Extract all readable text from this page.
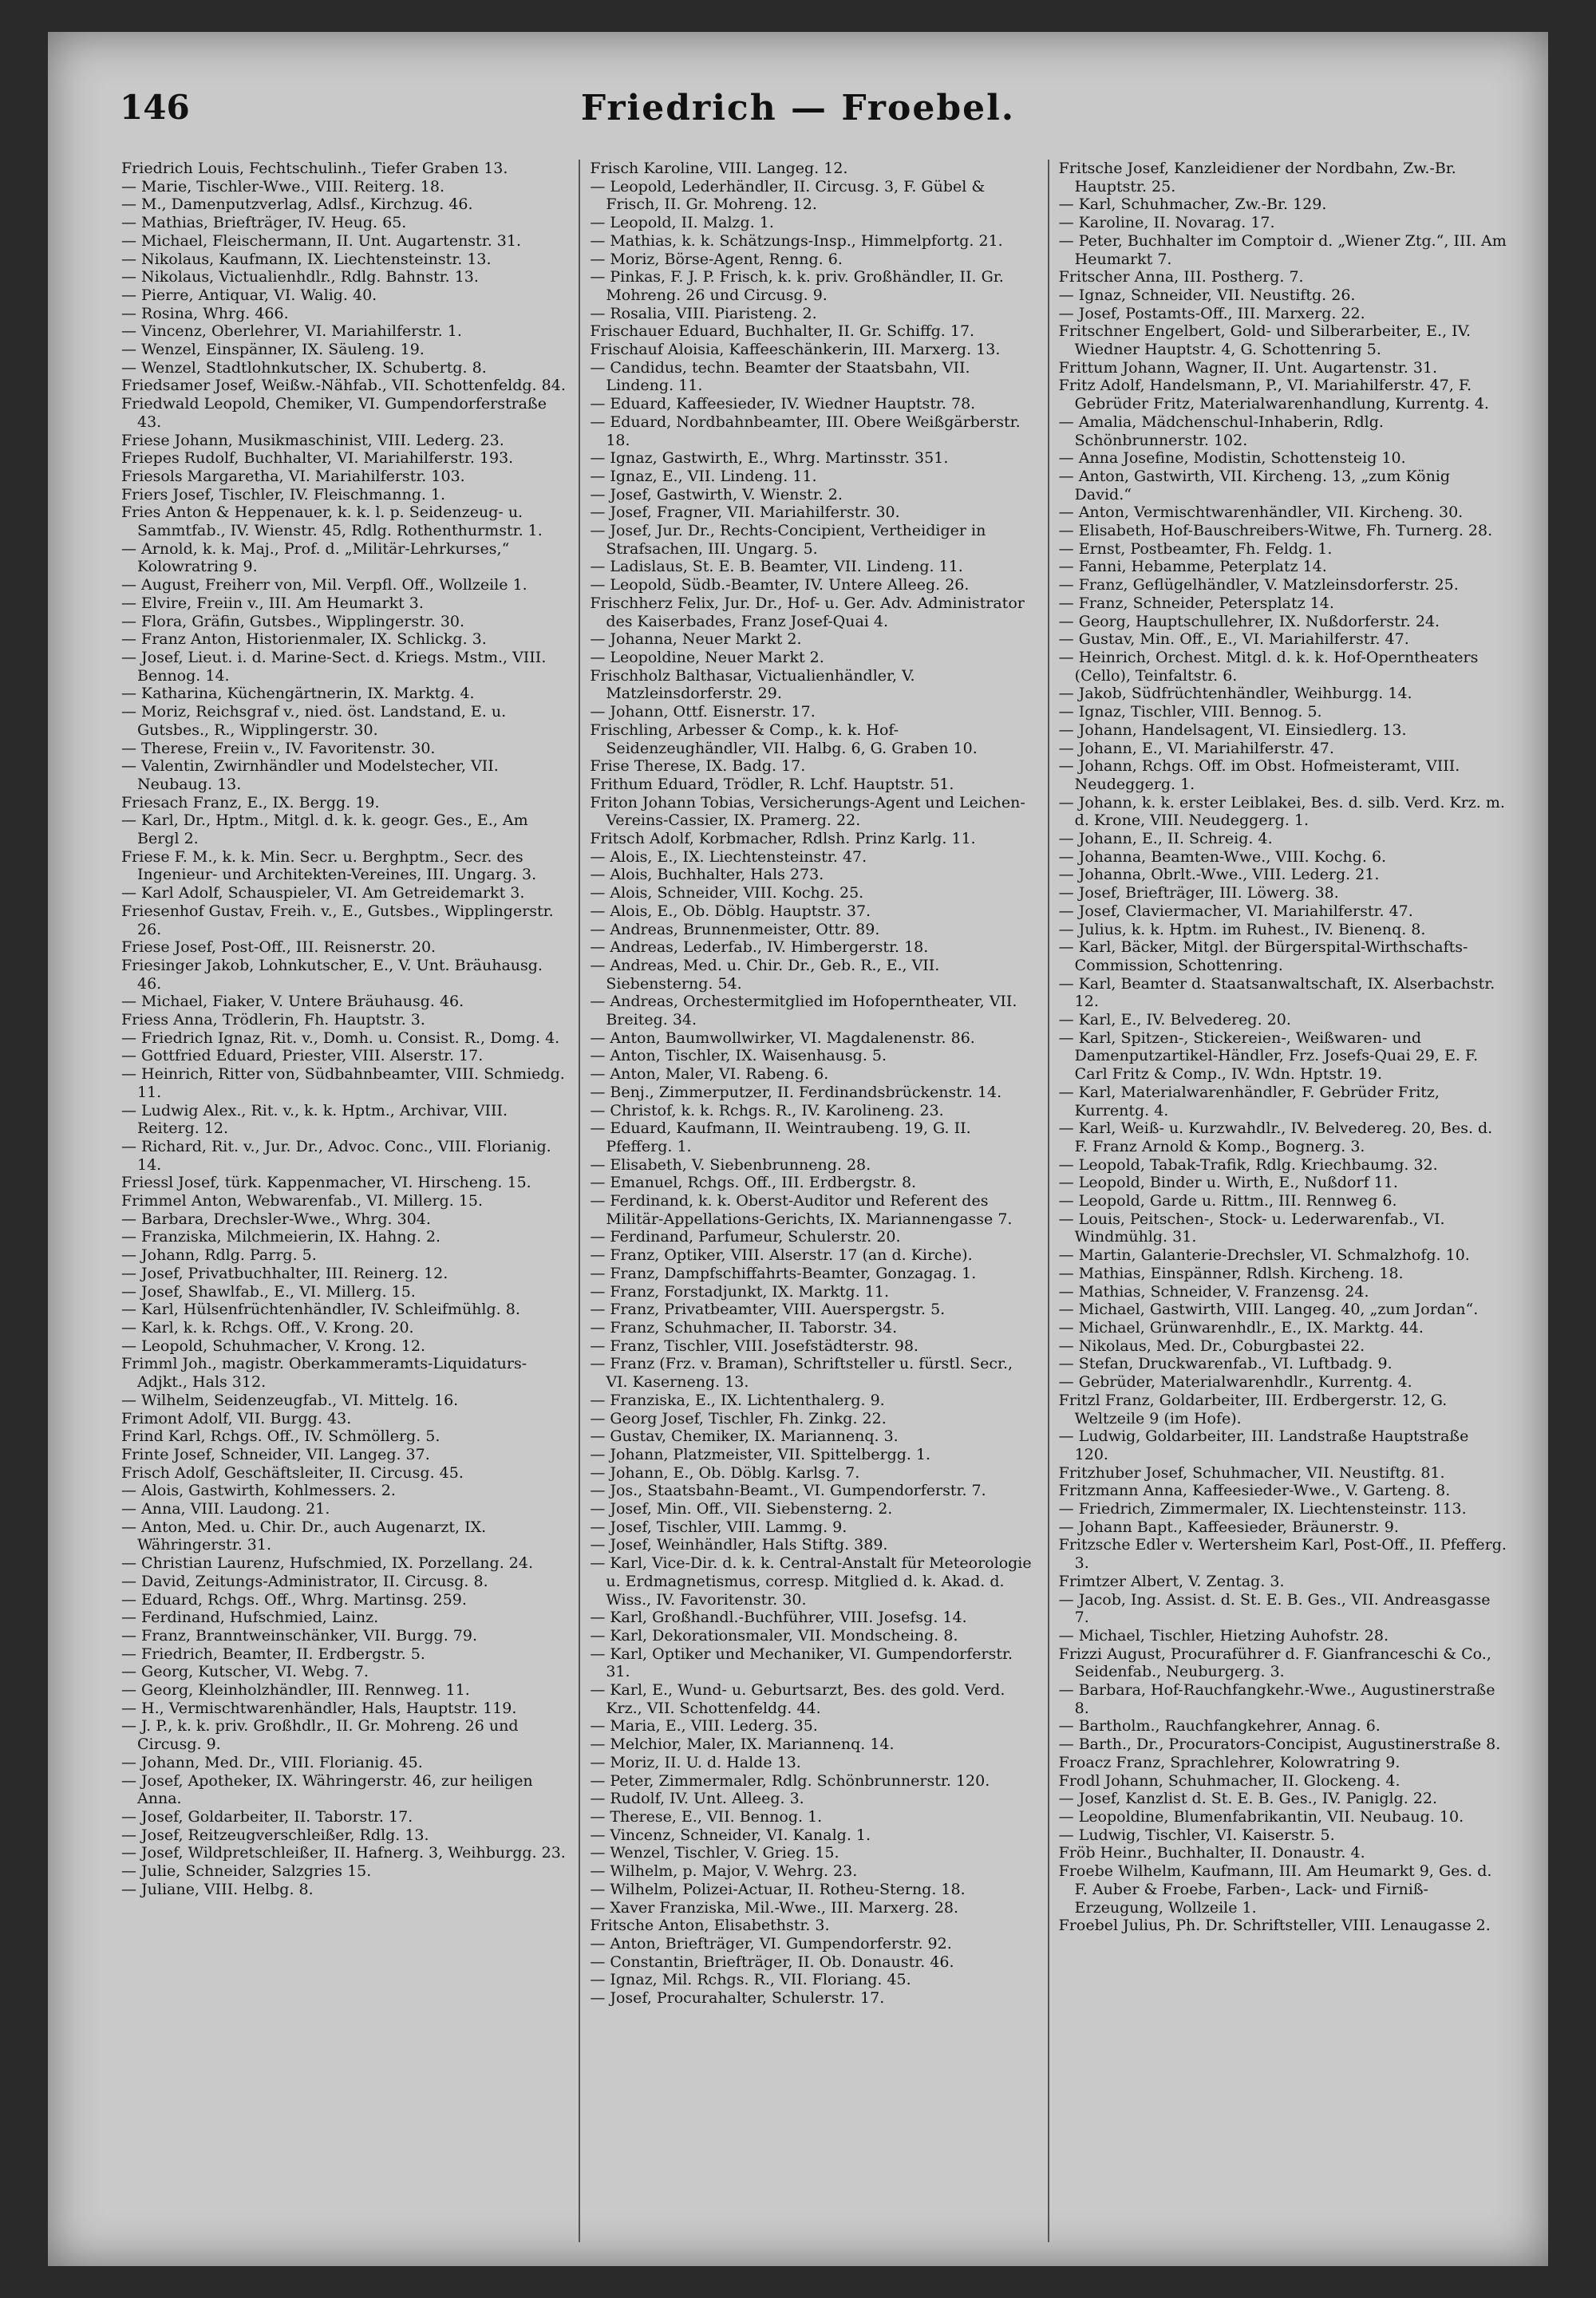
146	Friedrich — Froebel.

Friedrich Louis, Fechtschulinh., Tiefer Graben 13.

— Marie, Tischler-Wwe., VIII. Reiterg. 18.

— M., Damenputzverlag, Adlsf., Kirchzug. 46.

— Mathias, Briefträger, IV. Heug. 65.

— Michael, Fleischermann, II. Unt. Augartenstr. 31.

— Nikolaus, Kaufmann, IX. Liechtensteinstr. 13.

— Nikolaus, Victualienhdlr., Rdlg. Bahnstr. 13.

— Pierre, Antiquar, VI. Walig. 40.

— Rosina, Whrg. 466.

— Vincenz, Oberlehrer, VI. Mariahilferstr. 1.

— Wenzel, Einspänner, IX. Säuleng. 19.

— Wenzel, Stadtlohnkutscher, IX. Schubertg. 8.

Friedsamer Josef, Weißw.-Nähfab., VII. Schottenfeldg. 84.

Friedwald Leopold, Chemiker, VI. Gumpendorferstraße 43.

Friese Johann, Musikmaschinist, VIII. Lederg. 23.

Friepes Rudolf, Buchhalter, VI. Mariahilferstr. 193.

Friesols Margaretha, VI. Mariahilferstr. 103.

Friers Josef, Tischler, IV. Fleischmanng. 1.

Fries Anton & Heppenauer, k. k. l. p. Seidenzeug- u. Sammtfab., IV. Wienstr. 45, Rdlg. Rothenthurmstr. 1.

— Arnold, k. k. Maj., Prof. d. „Militär-Lehrkurses,“ Kolowratring 9.

— August, Freiherr von, Mil. Verpfl. Off., Wollzeile 1.

— Elvire, Freiin v., III. Am Heumarkt 3.

— Flora, Gräfin, Gutsbes., Wipplingerstr. 30.

— Franz Anton, Historienmaler, IX. Schlickg. 3.

— Josef, Lieut. i. d. Marine-Sect. d. Kriegs. Mstm., VIII. Bennog. 14.

— Katharina, Küchengärtnerin, IX. Marktg. 4.

— Moriz, Reichsgraf v., nied. öst. Landstand, E. u. Gutsbes., R., Wipplingerstr. 30.

— Therese, Freiin v., IV. Favoritenstr. 30.

— Valentin, Zwirnhändler und Modelstecher, VII. Neubaug. 13.

Friesach Franz, E., IX. Bergg. 19.

— Karl, Dr., Hptm., Mitgl. d. k. k. geogr. Ges., E., Am Bergl 2.

Friese F. M., k. k. Min. Secr. u. Berghptm., Secr. des Ingenieur- und Architekten-Vereines, III. Ungarg. 3.

— Karl Adolf, Schauspieler, VI. Am Getreidemarkt 3.

Friesenhof Gustav, Freih. v., E., Gutsbes., Wipplingerstr. 26.

Friese Josef, Post-Off., III. Reisnerstr. 20.

Friesinger Jakob, Lohnkutscher, E., V. Unt. Bräuhausg. 46.

— Michael, Fiaker, V. Untere Bräuhausg. 46.

Friess Anna, Trödlerin, Fh. Hauptstr. 3.

— Friedrich Ignaz, Rit. v., Domh. u. Consist. R., Domg. 4.

— Gottfried Eduard, Priester, VIII. Alserstr. 17.

— Heinrich, Ritter von, Südbahnbeamter, VIII. Schmiedg. 11.

— Ludwig Alex., Rit. v., k. k. Hptm., Archivar, VIII. Reiterg. 12.

— Richard, Rit. v., Jur. Dr., Advoc. Conc., VIII. Florianig. 14.

Friessl Josef, türk. Kappenmacher, VI. Hirscheng. 15.

Frimmel Anton, Webwarenfab., VI. Millerg. 15.

— Barbara, Drechsler-Wwe., Whrg. 304.

— Franziska, Milchmeierin, IX. Hahng. 2.

— Johann, Rdlg. Parrg. 5.

— Josef, Privatbuchhalter, III. Reinerg. 12.

— Josef, Shawlfab., E., VI. Millerg. 15.

— Karl, Hülsenfrüchtenhändler, IV. Schleifmühlg. 8.

— Karl, k. k. Rchgs. Off., V. Krong. 20.

— Leopold, Schuhmacher, V. Krong. 12.

Frimml Joh., magistr. Oberkammeramts-Liquidaturs-Adjkt., Hals 312.

— Wilhelm, Seidenzeugfab., VI. Mittelg. 16.

Frimont Adolf, VII. Burgg. 43.

Frind Karl, Rchgs. Off., IV. Schmöllerg. 5.

Frinte Josef, Schneider, VII. Langeg. 37.

Frisch Adolf, Geschäftsleiter, II. Circusg. 45.

— Alois, Gastwirth, Kohlmessers. 2.

— Anna, VIII. Laudong. 21.

— Anton, Med. u. Chir. Dr., auch Augenarzt, IX. Währingerstr. 31.

— Christian Laurenz, Hufschmied, IX. Porzellang. 24.

— David, Zeitungs-Administrator, II. Circusg. 8.

— Eduard, Rchgs. Off., Whrg. Martinsg. 259.

— Ferdinand, Hufschmied, Lainz.

— Franz, Branntweinschänker, VII. Burgg. 79.

— Friedrich, Beamter, II. Erdbergstr. 5.

— Georg, Kutscher, VI. Webg. 7.

— Georg, Kleinholzhändler, III. Rennweg. 11.

— H., Vermischtwarenhändler, Hals, Hauptstr. 119.

— J. P., k. k. priv. Großhdlr., II. Gr. Mohreng. 26 und Circusg. 9.

— Johann, Med. Dr., VIII. Florianig. 45.

— Josef, Apotheker, IX. Währingerstr. 46, zur heiligen Anna.

— Josef, Goldarbeiter, II. Taborstr. 17.

— Josef, Reitzeugverschleißer, Rdlg. 13.

— Josef, Wildpretschleißer, II. Hafnerg. 3, Weihburgg. 23.

— Julie, Schneider, Salzgries 15.

— Juliane, VIII. Helbg. 8.

Frisch Karoline, VIII. Langeg. 12.

— Leopold, Lederhändler, II. Circusg. 3, F. Gübel & Frisch, II. Gr. Mohreng. 12.

— Leopold, II. Malzg. 1.

— Mathias, k. k. Schätzungs-Insp., Himmelpfortg. 21.

— Moriz, Börse-Agent, Renng. 6.

— Pinkas, F. J. P. Frisch, k. k. priv. Großhändler, II. Gr. Mohreng. 26 und Circusg. 9.

— Rosalia, VIII. Piaristeng. 2.

Frischauer Eduard, Buchhalter, II. Gr. Schiffg. 17.

Frischauf Aloisia, Kaffeeschänkerin, III. Marxerg. 13.

— Candidus, techn. Beamter der Staatsbahn, VII. Lindeng. 11.

— Eduard, Kaffeesieder, IV. Wiedner Hauptstr. 78.

— Eduard, Nordbahnbeamter, III. Obere Weißgärberstr. 18.

— Ignaz, Gastwirth, E., Whrg. Martinsstr. 351.

— Ignaz, E., VII. Lindeng. 11.

— Josef, Gastwirth, V. Wienstr. 2.

— Josef, Fragner, VII. Mariahilferstr. 30.

— Josef, Jur. Dr., Rechts-Concipient, Vertheidiger in Strafsachen, III. Ungarg. 5.

— Ladislaus, St. E. B. Beamter, VII. Lindeng. 11.

— Leopold, Südb.-Beamter, IV. Untere Alleeg. 26.

Frischherz Felix, Jur. Dr., Hof- u. Ger. Adv. Administrator des Kaiserbades, Franz Josef-Quai 4.

— Johanna, Neuer Markt 2.

— Leopoldine, Neuer Markt 2.

Frischholz Balthasar, Victualienhändler, V. Matzleinsdorferstr. 29.

— Johann, Ottf. Eisnerstr. 17.

Frischling, Arbesser & Comp., k. k. Hof-Seidenzeughändler, VII. Halbg. 6, G. Graben 10.

Frise Therese, IX. Badg. 17.

Frithum Eduard, Trödler, R. Lchf. Hauptstr. 51.

Friton Johann Tobias, Versicherungs-Agent und Leichen-Vereins-Cassier, IX. Pramerg. 22.

Fritsch Adolf, Korbmacher, Rdlsh. Prinz Karlg. 11.

— Alois, E., IX. Liechtensteinstr. 47.

— Alois, Buchhalter, Hals 273.

— Alois, Schneider, VIII. Kochg. 25.

— Alois, E., Ob. Döblg. Hauptstr. 37.

— Andreas, Brunnenmeister, Ottr. 89.

— Andreas, Lederfab., IV. Himbergerstr. 18.

— Andreas, Med. u. Chir. Dr., Geb. R., E., VII. Siebensterng. 54.

— Andreas, Orchestermitglied im Hofoperntheater, VII. Breiteg. 34.

— Anton, Baumwollwirker, VI. Magdalenenstr. 86.

— Anton, Tischler, IX. Waisenhausg. 5.

— Anton, Maler, VI. Rabeng. 6.

— Benj., Zimmerputzer, II. Ferdinandsbrückenstr. 14.

— Christof, k. k. Rchgs. R., IV. Karolineng. 23.

— Eduard, Kaufmann, II. Weintraubeng. 19, G. II. Pfefferg. 1.

— Elisabeth, V. Siebenbrunneng. 28.

— Emanuel, Rchgs. Off., III. Erdbergstr. 8.

— Ferdinand, k. k. Oberst-Auditor und Referent des Militär-Appellations-Gerichts, IX. Mariannengasse 7.

— Ferdinand, Parfumeur, Schulerstr. 20.

— Franz, Optiker, VIII. Alserstr. 17 (an d. Kirche).

— Franz, Dampfschiffahrts-Beamter, Gonzagag. 1.

— Franz, Forstadjunkt, IX. Marktg. 11.

— Franz, Privatbeamter, VIII. Auerspergstr. 5.

— Franz, Schuhmacher, II. Taborstr. 34.

— Franz, Tischler, VIII. Josefstädterstr. 98.

— Franz (Frz. v. Braman), Schriftsteller u. fürstl. Secr., VI. Kaserneng. 13.

— Franziska, E., IX. Lichtenthalerg. 9.

— Georg Josef, Tischler, Fh. Zinkg. 22.

— Gustav, Chemiker, IX. Mariannenq. 3.

— Johann, Platzmeister, VII. Spittelbergg. 1.

— Johann, E., Ob. Döblg. Karlsg. 7.

— Jos., Staatsbahn-Beamt., VI. Gumpendorferstr. 7.

— Josef, Min. Off., VII. Siebensterng. 2.

— Josef, Tischler, VIII. Lammg. 9.

— Josef, Weinhändler, Hals Stiftg. 389.

— Karl, Vice-Dir. d. k. k. Central-Anstalt für Meteorologie u. Erdmagnetismus, corresp. Mitglied d. k. Akad. d. Wiss., IV. Favoritenstr. 30.

— Karl, Großhandl.-Buchführer, VIII. Josefsg. 14.

— Karl, Dekorationsmaler, VII. Mondscheing. 8.

— Karl, Optiker und Mechaniker, VI. Gumpendorferstr. 31.

— Karl, E., Wund- u. Geburtsarzt, Bes. des gold. Verd. Krz., VII. Schottenfeldg. 44.

— Maria, E., VIII. Lederg. 35.

— Melchior, Maler, IX. Mariannenq. 14.

— Moriz, II. U. d. Halde 13.

— Peter, Zimmermaler, Rdlg. Schönbrunnerstr. 120.

— Rudolf, IV. Unt. Alleeg. 3.

— Therese, E., VII. Bennog. 1.

— Vincenz, Schneider, VI. Kanalg. 1.

— Wenzel, Tischler, V. Grieg. 15.

— Wilhelm, p. Major, V. Wehrg. 23.

— Wilhelm, Polizei-Actuar, II. Rotheu-Sterng. 18.

— Xaver Franziska, Mil.-Wwe., III. Marxerg. 28.

Fritsche Anton, Elisabethstr. 3.

— Anton, Briefträger, VI. Gumpendorferstr. 92.

— Constantin, Briefträger, II. Ob. Donaustr. 46.

— Ignaz, Mil. Rchgs. R., VII. Floriang. 45.

— Josef, Procurahalter, Schulerstr. 17.

Fritsche Josef, Kanzleidiener der Nordbahn, Zw.-Br. Hauptstr. 25.

— Karl, Schuhmacher, Zw.-Br. 129.

— Karoline, II. Novarag. 17.

— Peter, Buchhalter im Comptoir d. „Wiener Ztg.“, III. Am Heumarkt 7.

Fritscher Anna, III. Postherg. 7.

— Ignaz, Schneider, VII. Neustiftg. 26.

— Josef, Postamts-Off., III. Marxerg. 22.

Fritschner Engelbert, Gold- und Silberarbeiter, E., IV. Wiedner Hauptstr. 4, G. Schottenring 5.

Frittum Johann, Wagner, II. Unt. Augartenstr. 31.

Fritz Adolf, Handelsmann, P., VI. Mariahilferstr. 47, F. Gebrüder Fritz, Materialwarenhandlung, Kurrentg. 4.

— Amalia, Mädchenschul-Inhaberin, Rdlg. Schönbrunnerstr. 102.

— Anna Josefine, Modistin, Schottensteig 10.

— Anton, Gastwirth, VII. Kircheng. 13, „zum König David.“

— Anton, Vermischtwarenhändler, VII. Kircheng. 30.

— Elisabeth, Hof-Bauschreibers-Witwe, Fh. Turnerg. 28.

— Ernst, Postbeamter, Fh. Feldg. 1.

— Fanni, Hebamme, Peterplatz 14.

— Franz, Geflügelhändler, V. Matzleinsdorferstr. 25.

— Franz, Schneider, Petersplatz 14.

— Georg, Hauptschullehrer, IX. Nußdorferstr. 24.

— Gustav, Min. Off., E., VI. Mariahilferstr. 47.

— Heinrich, Orchest. Mitgl. d. k. k. Hof-Operntheaters (Cello), Teinfaltstr. 6.

— Jakob, Südfrüchtenhändler, Weihburgg. 14.

— Ignaz, Tischler, VIII. Bennog. 5.

— Johann, Handelsagent, VI. Einsiedlerg. 13.

— Johann, E., VI. Mariahilferstr. 47.

— Johann, Rchgs. Off. im Obst. Hofmeisteramt, VIII. Neudeggerg. 1.

— Johann, k. k. erster Leiblakei, Bes. d. silb. Verd. Krz. m. d. Krone, VIII. Neudeggerg. 1.

— Johann, E., II. Schreig. 4.

— Johanna, Beamten-Wwe., VIII. Kochg. 6.

— Johanna, Obrlt.-Wwe., VIII. Lederg. 21.

— Josef, Briefträger, III. Löwerg. 38.

— Josef, Claviermacher, VI. Mariahilferstr. 47.

— Julius, k. k. Hptm. im Ruhest., IV. Bienenq. 8.

— Karl, Bäcker, Mitgl. der Bürgerspital-Wirthschafts-Commission, Schottenring.

— Karl, Beamter d. Staatsanwaltschaft, IX. Alserbachstr. 12.

— Karl, E., IV. Belvedereg. 20.

— Karl, Spitzen-, Stickereien-, Weißwaren- und Damenputzartikel-Händler, Frz. Josefs-Quai 29, E. F. Carl Fritz & Comp., IV. Wdn. Hptstr. 19.

— Karl, Materialwarenhändler, F. Gebrüder Fritz, Kurrentg. 4.

— Karl, Weiß- u. Kurzwahdlr., IV. Belvedereg. 20, Bes. d. F. Franz Arnold & Komp., Bognerg. 3.

— Leopold, Tabak-Trafik, Rdlg. Kriechbaumg. 32.

— Leopold, Binder u. Wirth, E., Nußdorf 11.

— Leopold, Garde u. Rittm., III. Rennweg 6.

— Louis, Peitschen-, Stock- u. Lederwarenfab., VI. Windmühlg. 31.

— Martin, Galanterie-Drechsler, VI. Schmalzhofg. 10.

— Mathias, Einspänner, Rdlsh. Kircheng. 18.

— Mathias, Schneider, V. Franzensg. 24.

— Michael, Gastwirth, VIII. Langeg. 40, „zum Jordan“.

— Michael, Grünwarenhdlr., E., IX. Marktg. 44.

— Nikolaus, Med. Dr., Coburgbastei 22.

— Stefan, Druckwarenfab., VI. Luftbadg. 9.

— Gebrüder, Materialwarenhdlr., Kurrentg. 4.

Fritzl Franz, Goldarbeiter, III. Erdbergerstr. 12, G. Weltzeile 9 (im Hofe).

— Ludwig, Goldarbeiter, III. Landstraße Hauptstraße 120.

Fritzhuber Josef, Schuhmacher, VII. Neustiftg. 81.

Fritzmann Anna, Kaffeesieder-Wwe., V. Garteng. 8.

— Friedrich, Zimmermaler, IX. Liechtensteinstr. 113.

— Johann Bapt., Kaffeesieder, Bräunerstr. 9.

Fritzsche Edler v. Wertersheim Karl, Post-Off., II. Pfefferg. 3.

Frimtzer Albert, V. Zentag. 3.

— Jacob, Ing. Assist. d. St. E. B. Ges., VII. Andreasgasse 7.

— Michael, Tischler, Hietzing Auhofstr. 28.

Frizzi August, Procuraführer d. F. Gianfranceschi & Co., Seidenfab., Neuburgerg. 3.

— Barbara, Hof-Rauchfangkehr.-Wwe., Augustinerstraße 8.

— Bartholm., Rauchfangkehrer, Annag. 6.

— Barth., Dr., Procurators-Concipist, Augustinerstraße 8.

Froacz Franz, Sprachlehrer, Kolowratring 9.

Frodl Johann, Schuhmacher, II. Glockeng. 4.

— Josef, Kanzlist d. St. E. B. Ges., IV. Paniglg. 22.

— Leopoldine, Blumenfabrikantin, VII. Neubaug. 10.

— Ludwig, Tischler, VI. Kaiserstr. 5.

Fröb Heinr., Buchhalter, II. Donaustr. 4.

Froebe Wilhelm, Kaufmann, III. Am Heumarkt 9, Ges. d. F. Auber & Froebe, Farben-, Lack- und Firniß-Erzeugung, Wollzeile 1.

Froebel Julius, Ph. Dr. Schriftsteller, VIII. Lenaugasse 2.
